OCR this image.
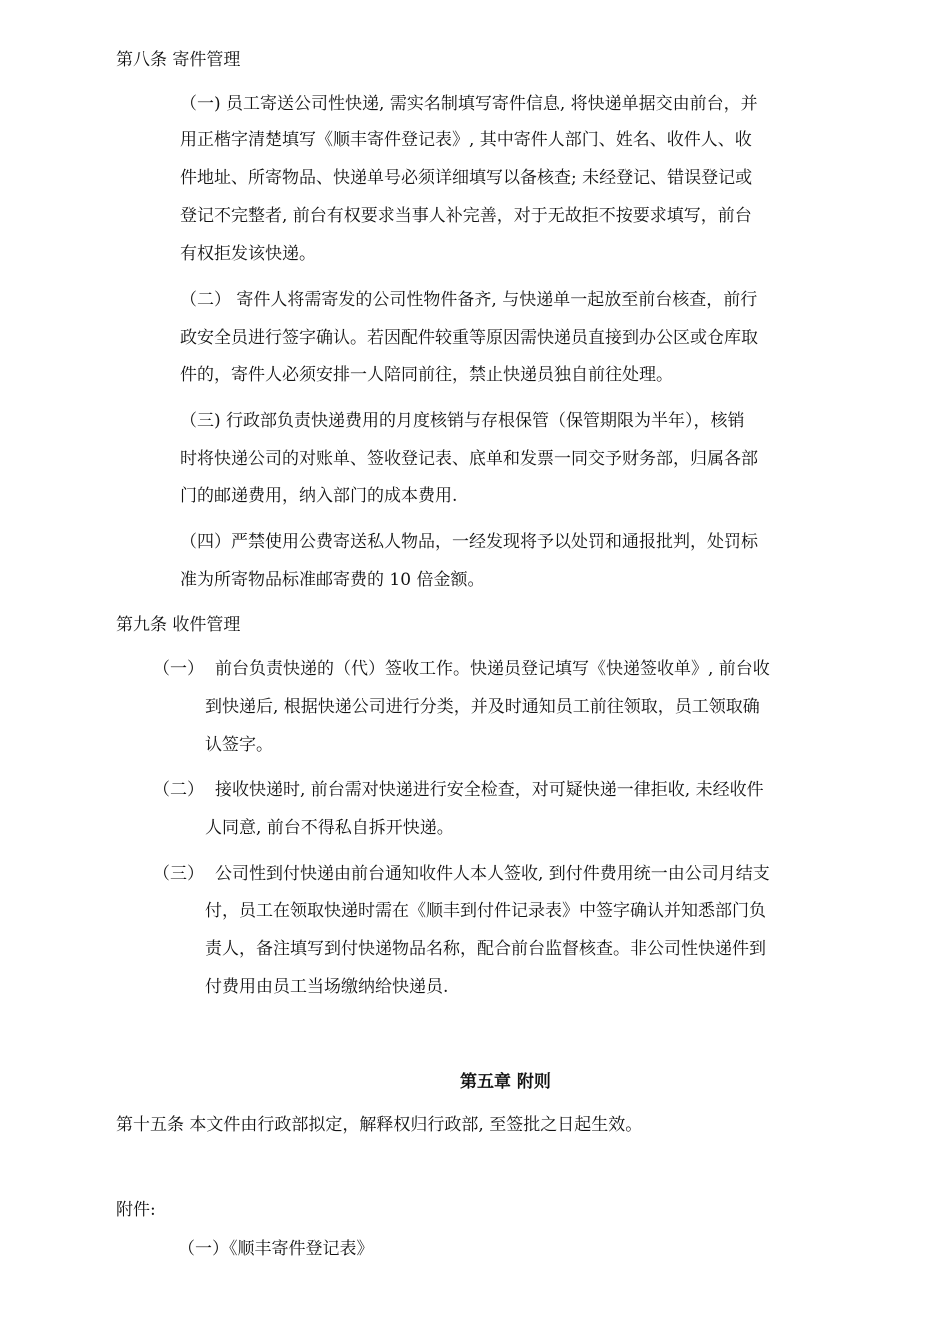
第八条 寄件管理
（一) 员工寄送公司性快递, 需实名制填写寄件信息, 将快递单据交由前台，并
用正楷字清楚填写《顺丰寄件登记表》, 其中寄件人部门、姓名、收件人、收
件地址、所寄物品、快递单号必须详细填写以备核查; 未经登记、错误登记或
登记不完整者, 前台有权要求当事人补完善，对于无故拒不按要求填写，前台
有权拒发该快递。
（二） 寄件人将需寄发的公司性物件备齐, 与快递单一起放至前台核查，前行
政安全员进行签字确认。若因配件较重等原因需快递员直接到办公区或仓库取
件的，寄件人必须安排一人陪同前往，禁止快递员独自前往处理。
（三) 行政部负责快递费用的月度核销与存根保管（保管期限为半年），核销
时将快递公司的对账单、签收登记表、底单和发票一同交予财务部，归属各部
门的邮递费用，纳入部门的成本费用.
（四）严禁使用公费寄送私人物品，一经发现将予以处罚和通报批判，处罚标
准为所寄物品标准邮寄费的 10 倍金额。
第九条 收件管理
（一） 前台负责快递的（代）签收工作。快递员登记填写《快递签收单》, 前台收
到快递后, 根据快递公司进行分类，并及时通知员工前往领取，员工领取确
认签字。
（二） 接收快递时, 前台需对快递进行安全检查，对可疑快递一律拒收, 未经收件
人同意, 前台不得私自拆开快递。
（三） 公司性到付快递由前台通知收件人本人签收, 到付件费用统一由公司月结支
付，员工在领取快递时需在《顺丰到付件记录表》中签字确认并知悉部门负
责人，备注填写到付快递物品名称，配合前台监督核查。非公司性快递件到
付费用由员工当场缴纳给快递员.
第五章 附则
第十五条 本文件由行政部拟定，解释权归行政部, 至签批之日起生效。
附件:
（一）《顺丰寄件登记表》
